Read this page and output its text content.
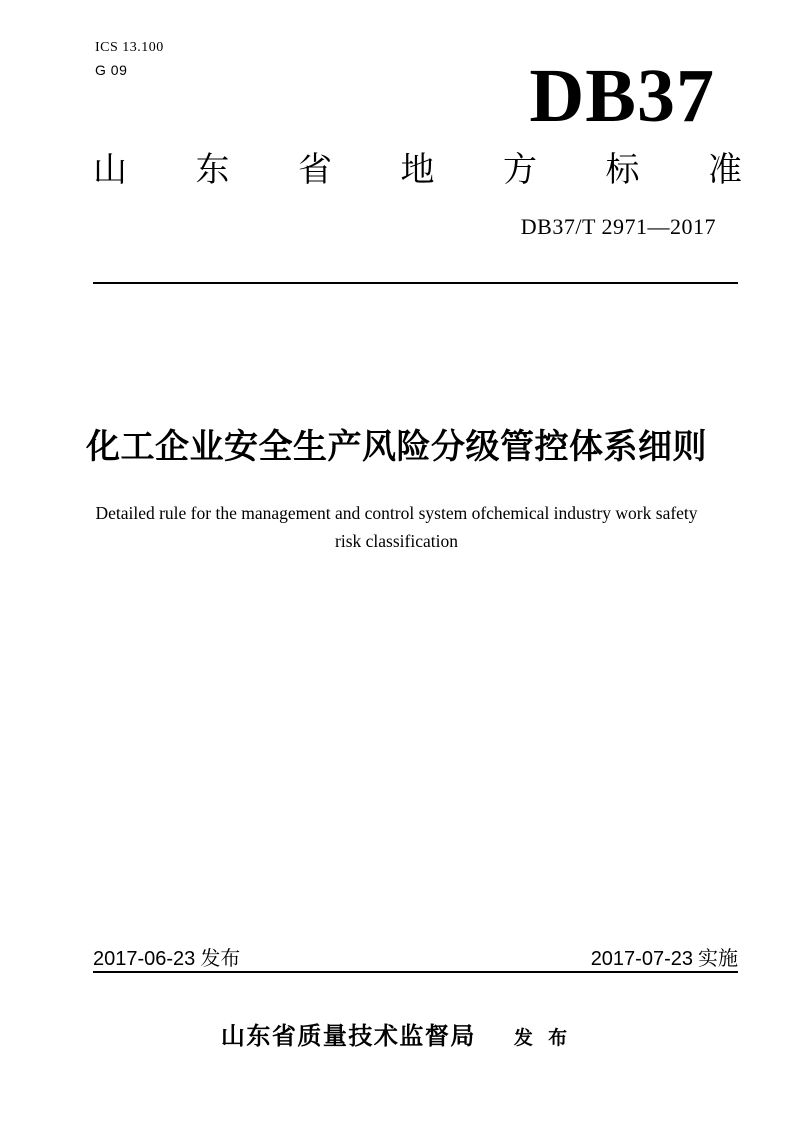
ICS 13.100
G 09	DB37
山 东 省 地 方 标 准
DB37/T 2971—2017
化工企业安全生产风险分级管控体系细则
Detailed rule for the management and control system ofchemical industry work safety
risk classification
2017-06-23 发布	2017-07-23 实施
山东省质量技术监督局 发 布
